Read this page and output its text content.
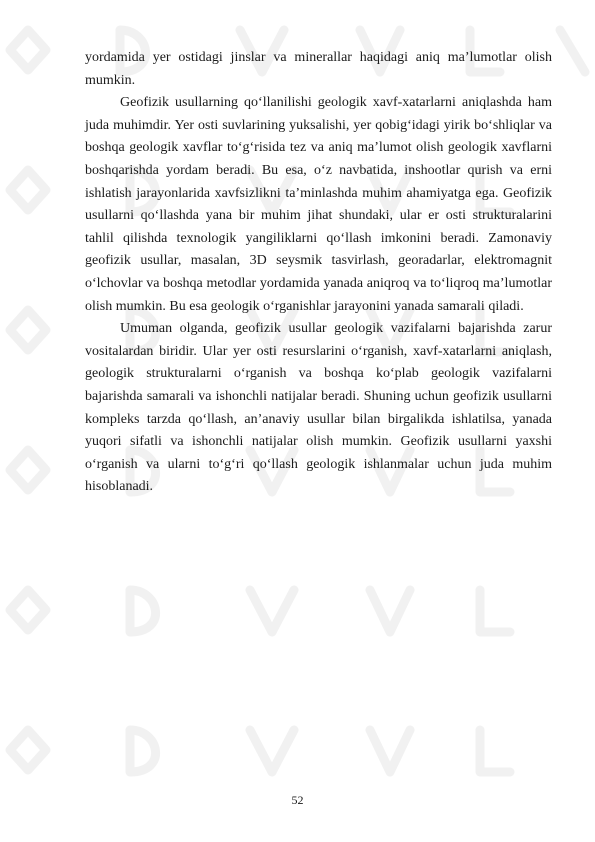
yordamida yer ostidagi jinslar va minerallar haqidagi aniq ma’lumotlar olish mumkin.

Geofizik usullarning qo‘llanilishi geologik xavf-xatarlarni aniqlashda ham juda muhimdir. Yer osti suvlarining yuksalishi, yer qobig‘idagi yirik bo‘shliqlar va boshqa geologik xavflar to‘g‘risida tez va aniq ma’lumot olish geologik xavflarni boshqarishda yordam beradi. Bu esa, o‘z navbatida, inshootlar qurish va erni ishlatish jarayonlarida xavfsizlikni ta’minlashda muhim ahamiyatga ega. Geofizik usullarni qo‘llashda yana bir muhim jihat shundaki, ular er osti strukturalarini tahlil qilishda texnologik yangiliklarni qo‘llash imkonini beradi. Zamonaviy geofizik usullar, masalan, 3D seysmik tasvirlash, georadarlar, elektromagnit o‘lchovlar va boshqa metodlar yordamida yanada aniqroq va to‘liqroq ma’lumotlar olish mumkin. Bu esa geologik o‘rganishlar jarayonini yanada samarali qiladi.

Umuman olganda, geofizik usullar geologik vazifalarni bajarishda zarur vositalardan biridir. Ular yer osti resurslarini o‘rganish, xavf-xatarlarni aniqlash, geologik strukturalarni o‘rganish va boshqa ko‘plab geologik vazifalarni bajarishda samarali va ishonchli natijalar beradi. Shuning uchun geofizik usullarni kompleks tarzda qo‘llash, an’anaviy usullar bilan birgalikda ishlatilsa, yanada yuqori sifatli va ishonchli natijalar olish mumkin. Geofizik usullarni yaxshi o‘rganish va ularni to‘g‘ri qo‘llash geologik ishlanmalar uchun juda muhim hisoblanadi.

52
